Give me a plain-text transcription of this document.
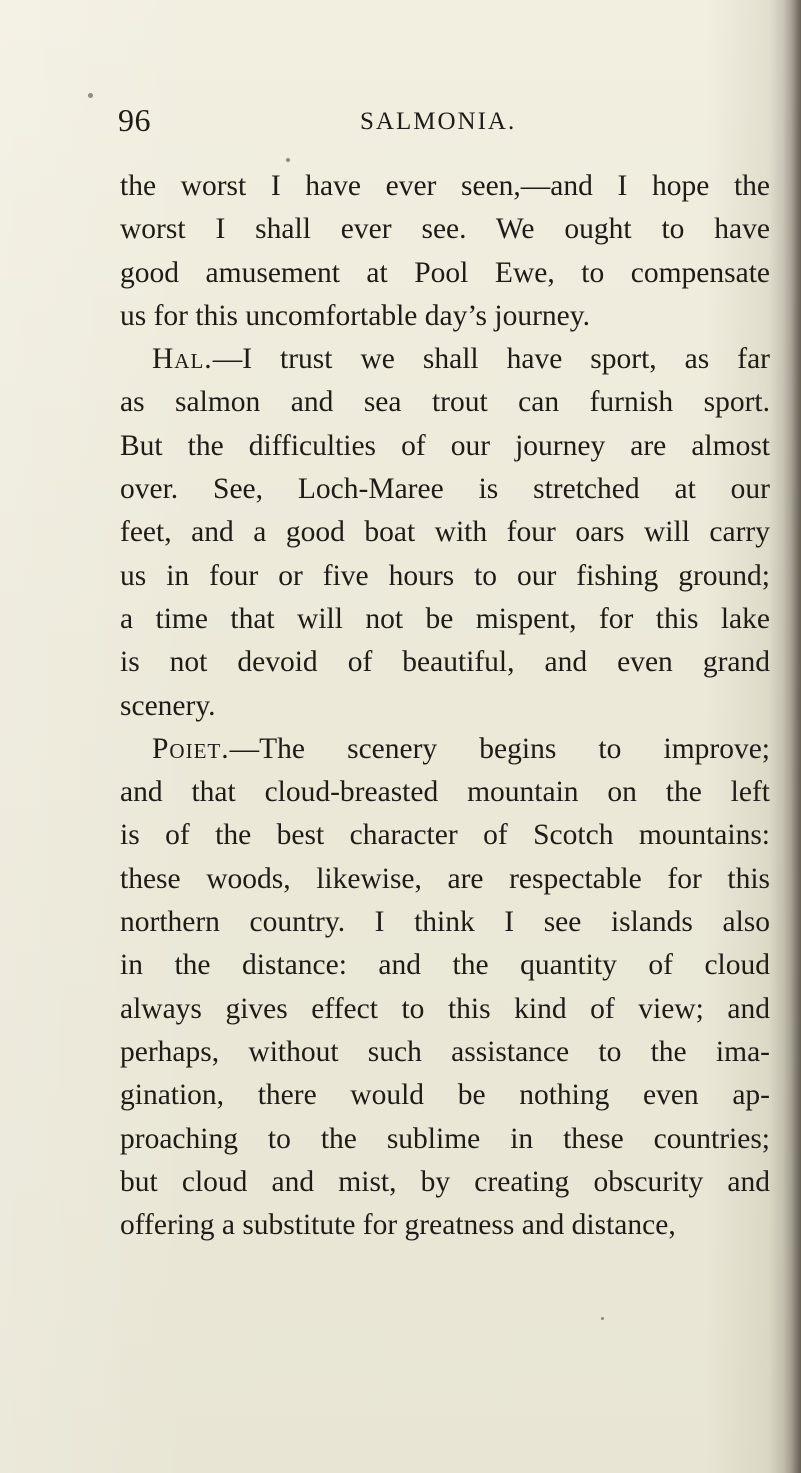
96	SALMONIA.
the worst I have ever seen,—and I hope the
worst I shall ever see. We ought to have
good amusement at Pool Ewe, to compensate
us for this uncomfortable day’s journey.
Hal.—I trust we shall have sport, as far
as salmon and sea trout can furnish sport.
But the difficulties of our journey are almost
over. See, Loch-Maree is stretched at our
feet, and a good boat with four oars will carry
us in four or five hours to our fishing ground;
a time that will not be mispent, for this lake
is not devoid of beautiful, and even grand
scenery.
Poiet.—The scenery begins to improve;
and that cloud-breasted mountain on the left
is of the best character of Scotch mountains:
these woods, likewise, are respectable for this
northern country. I think I see islands also
in the distance: and the quantity of cloud
always gives effect to this kind of view; and
perhaps, without such assistance to the ima-
gination, there would be nothing even ap-
proaching to the sublime in these countries;
but cloud and mist, by creating obscurity and
offering a substitute for greatness and distance,
